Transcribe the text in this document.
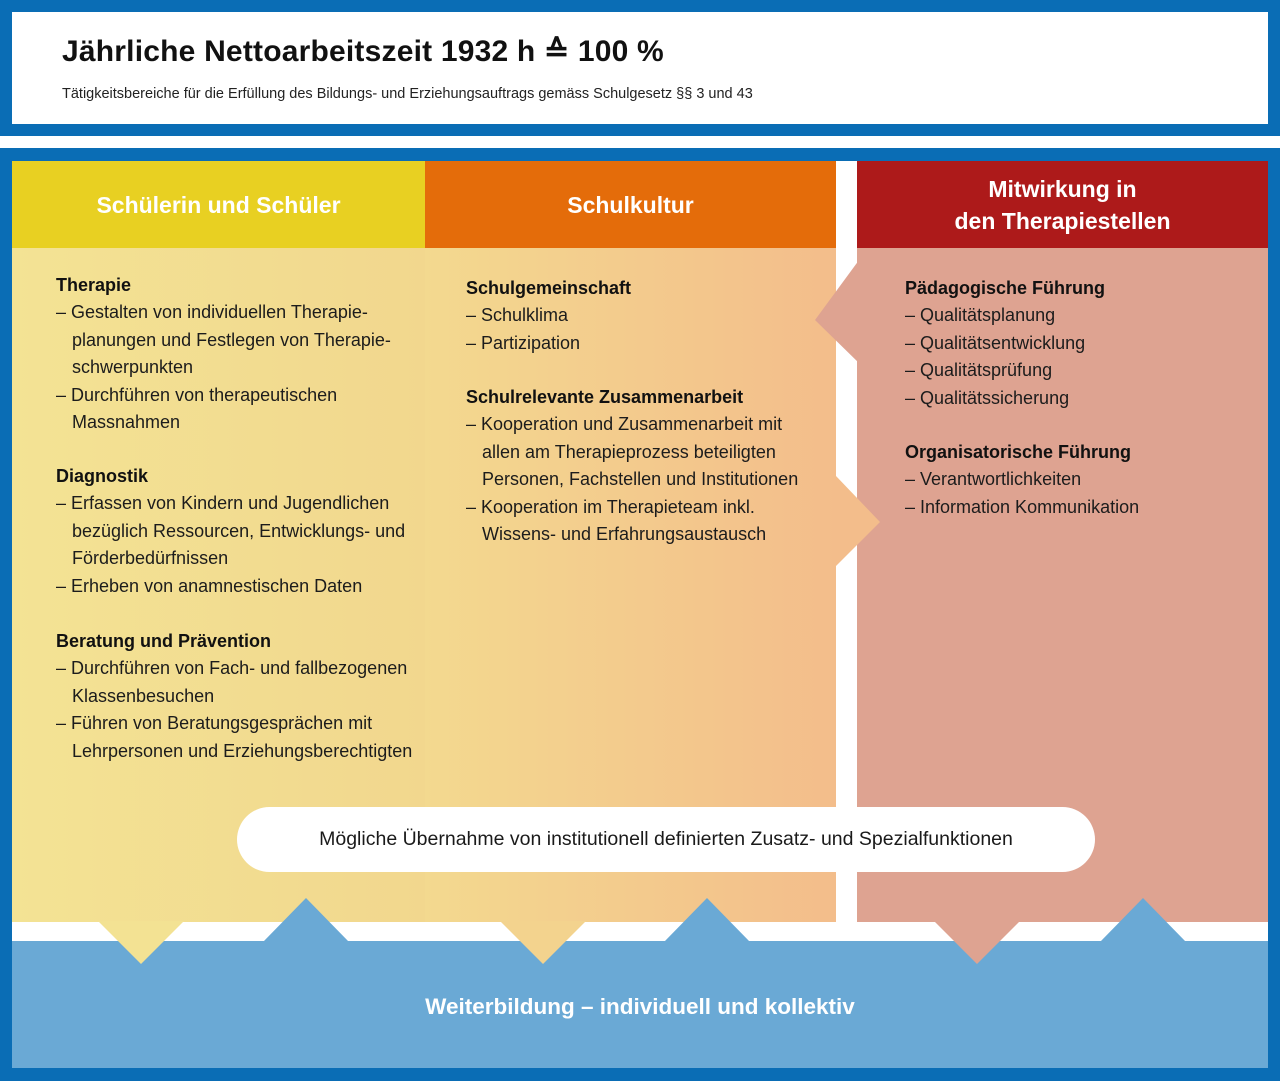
Jährliche Nettoarbeitszeit 1932 h ≙ 100 %
Tätigkeitsbereiche für die Erfüllung des Bildungs- und Erziehungsauftrags gemäss Schulgesetz §§ 3 und 43
Schülerin und Schüler	Schulkultur
Mitwirkung in
den Therapiestellen
Therapie
– Gestalten von individuellen Therapie-planungen und Festlegen von Therapie-schwerpunkten
– Durchführen von therapeutischen Massnahmen
Diagnostik
– Erfassen von Kindern und Jugendlichen bezüglich Ressourcen, Entwicklungs- und Förderbedürfnissen
– Erheben von anamnestischen Daten
Beratung und Prävention
– Durchführen von Fach- und fallbezogenen Klassenbesuchen
– Führen von Beratungsgesprächen mit Lehrpersonen und Erziehungsberechtigten
Schulgemeinschaft
– Schulklima
– Partizipation
Schulrelevante Zusammenarbeit
– Kooperation und Zusammenarbeit mit allen am Therapieprozess beteiligten Personen, Fachstellen und Institutionen
– Kooperation im Therapieteam inkl. Wissens- und Erfahrungsaustausch
Pädagogische Führung
– Qualitätsplanung
– Qualitätsentwicklung
– Qualitätsprüfung
– Qualitätssicherung
Organisatorische Führung
– Verantwortlichkeiten
– Information Kommunikation
Mögliche Übernahme von institutionell definierten Zusatz- und Spezialfunktionen
Weiterbildung – individuell und kollektiv
